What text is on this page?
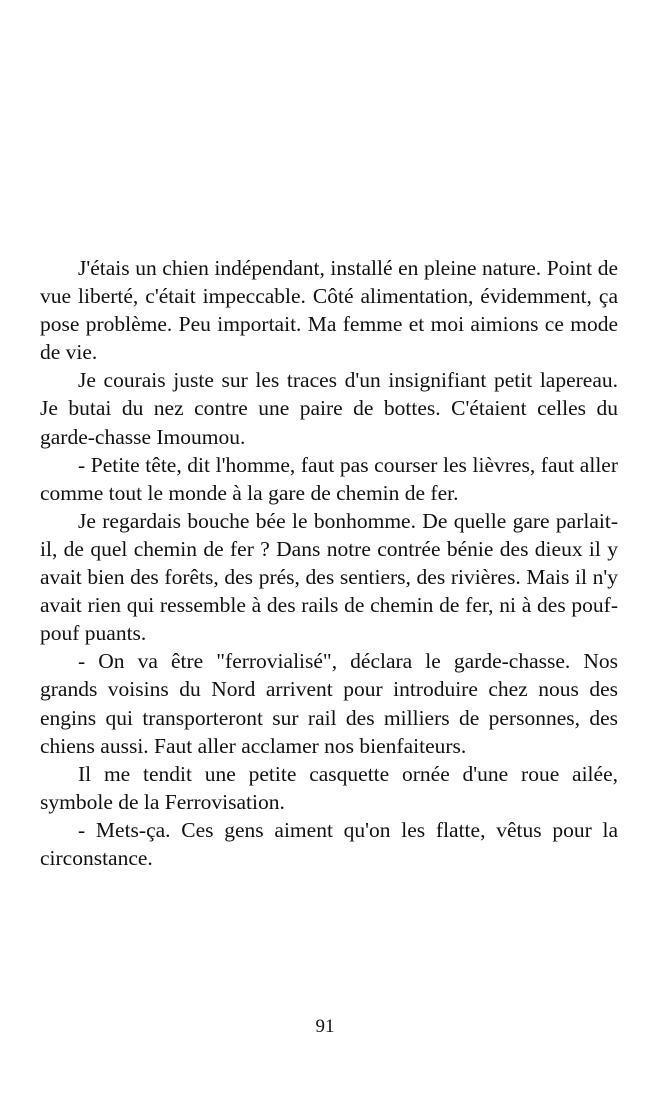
J'étais un chien indépendant, installé en pleine nature. Point de vue liberté, c'était impeccable. Côté alimentation, évidemment, ça pose problème. Peu importait. Ma femme et moi aimions ce mode de vie.

Je courais juste sur les traces d'un insignifiant petit lapereau. Je butai du nez contre une paire de bottes. C'étaient celles du garde-chasse Imoumou.

- Petite tête, dit l'homme, faut pas courser les lièvres, faut aller comme tout le monde à la gare de chemin de fer.

Je regardais bouche bée le bonhomme. De quelle gare parlait-il, de quel chemin de fer ? Dans notre contrée bénie des dieux il y avait bien des forêts, des prés, des sentiers, des rivières. Mais il n'y avait rien qui ressemble à des rails de chemin de fer, ni à des pouf-pouf puants.

- On va être "ferrovialisé", déclara le garde-chasse. Nos grands voisins du Nord arrivent pour introduire chez nous des engins qui transporteront sur rail des milliers de personnes, des chiens aussi. Faut aller acclamer nos bienfaiteurs.

Il me tendit une petite casquette ornée d'une roue ailée, symbole de la Ferrovisation.

- Mets-ça. Ces gens aiment qu'on les flatte, vêtus pour la circonstance.

91
